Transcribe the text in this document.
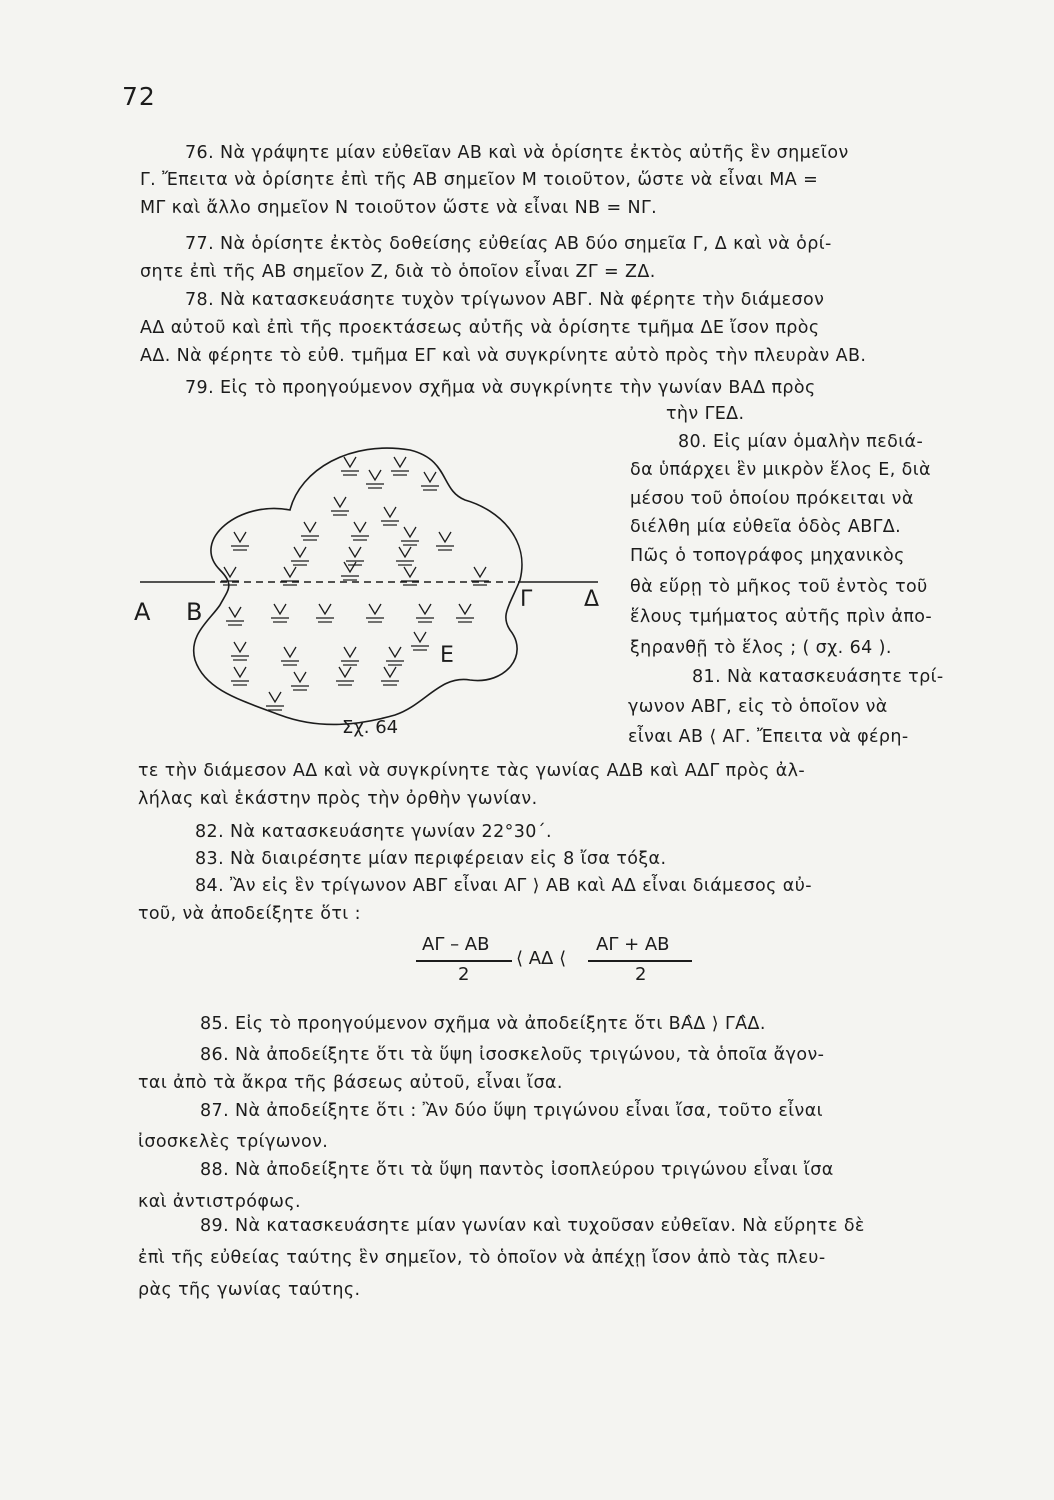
72
76. Νὰ γράψητε μίαν εὐθεῖαν ΑΒ καὶ νὰ ὁρίσητε ἐκτὸς αὐτῆς ἓν σημεῖον
Γ. Ἔπειτα νὰ ὁρίσητε ἐπὶ τῆς ΑΒ σημεῖον Μ τοιοῦτον, ὥστε νὰ εἶναι ΜΑ =
ΜΓ καὶ ἄλλο σημεῖον Ν τοιοῦτον ὥστε νὰ εἶναι ΝΒ = ΝΓ.
77. Νὰ ὁρίσητε ἐκτὸς δοθείσης εὐθείας ΑΒ δύο σημεῖα Γ, Δ καὶ νὰ ὁρί-
σητε ἐπὶ τῆς ΑΒ σημεῖον Ζ, διὰ τὸ ὁποῖον εἶναι ΖΓ = ΖΔ.
78. Νὰ κατασκευάσητε τυχὸν τρίγωνον ΑΒΓ. Νὰ φέρητε τὴν διάμεσον
ΑΔ αὐτοῦ καὶ ἐπὶ τῆς προεκτάσεως αὐτῆς νὰ ὁρίσητε τμῆμα ΔΕ ἴσον πρὸς
ΑΔ. Νὰ φέρητε τὸ εὐθ. τμῆμα ΕΓ καὶ νὰ συγκρίνητε αὐτὸ πρὸς τὴν πλευρὰν ΑΒ.
79. Εἰς τὸ προηγούμενον σχῆμα νὰ συγκρίνητε τὴν γωνίαν ΒΑΔ πρὸς
τὴν ΓΕΔ.
80. Εἰς μίαν ὁμαλὴν πεδιά-
δα ὑπάρχει ἓν μικρὸν ἕλος Ε, διὰ
μέσου τοῦ ὁποίου πρόκειται νὰ
διέλθη μία εὐθεῖα ὁδὸς ΑΒΓΔ.
Πῶς ὁ τοπογράφος μηχανικὸς
θὰ εὕρῃ τὸ μῆκος τοῦ ἐντὸς τοῦ
ἕλους τμήματος αὐτῆς πρὶν ἀπο-
ξηρανθῇ τὸ ἕλος ; ( σχ. 64 ).
81. Νὰ κατασκευάσητε τρί-
γωνον ΑΒΓ, εἰς τὸ ὁποῖον νὰ
εἶναι ΑΒ ⟨ ΑΓ. Ἔπειτα νὰ φέρη-
τε τὴν διάμεσον ΑΔ καὶ νὰ συγκρίνητε τὰς γωνίας ΑΔΒ καὶ ΑΔΓ πρὸς ἀλ-
λήλας καὶ ἑκάστην πρὸς τὴν ὀρθὴν γωνίαν.
82. Νὰ κατασκευάσητε γωνίαν 22°30΄.
83. Νὰ διαιρέσητε μίαν περιφέρειαν εἰς 8 ἴσα τόξα.
84. Ἂν εἰς ἓν τρίγωνον ΑΒΓ εἶναι ΑΓ ⟩ ΑΒ καὶ ΑΔ εἶναι διάμεσος αὐ-
τοῦ, νὰ ἀποδείξητε ὅτι :
85. Εἰς τὸ προηγούμενον σχῆμα νὰ ἀποδείξητε ὅτι ΒΑ̂Δ ⟩ ΓΑ̂Δ.
86. Νὰ ἀποδείξητε ὅτι τὰ ὕψη ἰσοσκελοῦς τριγώνου, τὰ ὁποῖα ἄγον-
ται ἀπὸ τὰ ἄκρα τῆς βάσεως αὐτοῦ, εἶναι ἴσα.
87. Νὰ ἀποδείξητε ὅτι : Ἂν δύο ὕψη τριγώνου εἶναι ἴσα, τοῦτο εἶναι
ἰσοσκελὲς τρίγωνον.
88. Νὰ ἀποδείξητε ὅτι τὰ ὕψη παντὸς ἰσοπλεύρου τριγώνου εἶναι ἴσα
καὶ ἀντιστρόφως.
89. Νὰ κατασκευάσητε μίαν γωνίαν καὶ τυχοῦσαν εὐθεῖαν. Νὰ εὕρητε δὲ
ἐπὶ τῆς εὐθείας ταύτης ἓν σημεῖον, τὸ ὁποῖον νὰ ἀπέχῃ ἴσον ἀπὸ τὰς πλευ-
ρὰς τῆς γωνίας ταύτης.
ΑΓ – ΑΒ
2
⟨ ΑΔ ⟨
ΑΓ + ΑΒ
2
Α Β	Γ Δ
Ε
Σχ. 64
